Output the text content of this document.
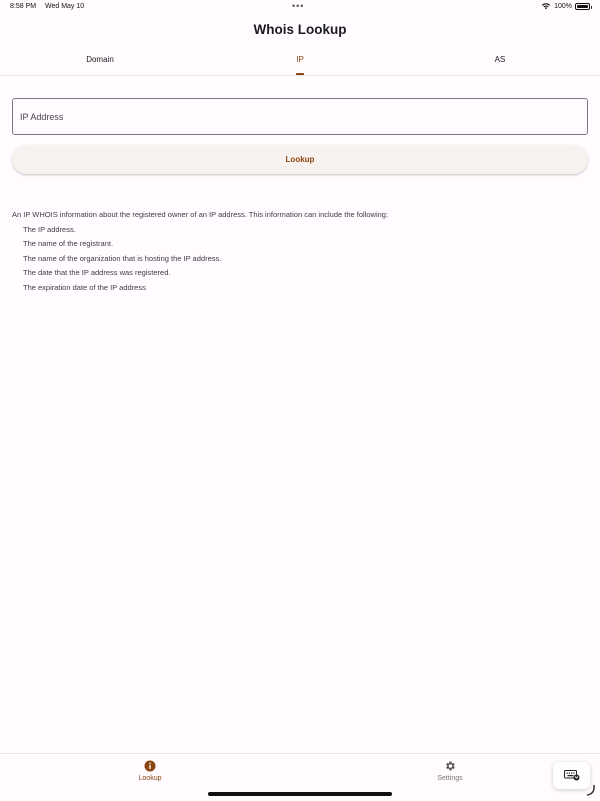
8:58 PM Wed May 10	•••	100%
Whois Lookup
Domain	IP	AS
IP Address
Lookup
An IP WHOIS information about the registered owner of an IP address. This information can include the following:
The IP address.
The name of the registrant.
The name of the organization that is hosting the IP address.
The date that the IP address was registered.
The expiration date of the IP address
Lookup	Settings
